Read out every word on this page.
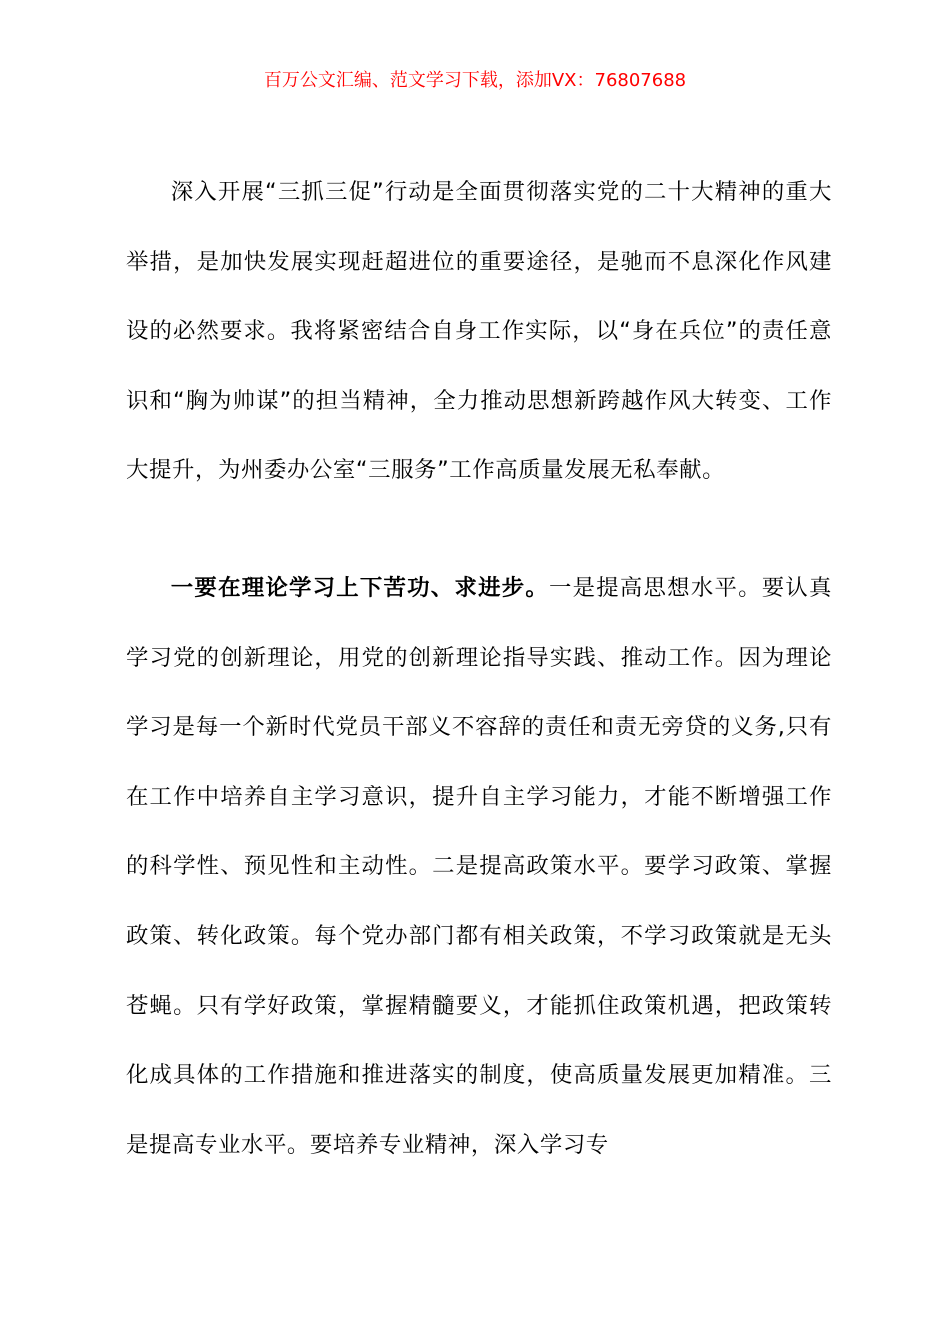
百万公文汇编、范文学习下载，添加VX：76807688

深入开展“三抓三促”行动是全面贯彻落实党的二十大精神的重大举措，是加快发展实现赶超进位的重要途径，是驰而不息深化作风建设的必然要求。我将紧密结合自身工作实际，以“身在兵位”的责任意识和“胸为帅谋”的担当精神，全力推动思想新跨越作风大转变、工作大提升，为州委办公室“三服务”工作高质量发展无私奉献。

一要在理论学习上下苦功、求进步。一是提高思想水平。要认真学习党的创新理论，用党的创新理论指导实践、推动工作。因为理论学习是每一个新时代党员干部义不容辞的责任和责无旁贷的义务,只有在工作中培养自主学习意识，提升自主学习能力，才能不断增强工作的科学性、预见性和主动性。二是提高政策水平。要学习政策、掌握政策、转化政策。每个党办部门都有相关政策，不学习政策就是无头苍蝇。只有学好政策，掌握精髓要义，才能抓住政策机遇，把政策转化成具体的工作措施和推进落实的制度，使高质量发展更加精准。三是提高专业水平。要培养专业精神，深入学习专
